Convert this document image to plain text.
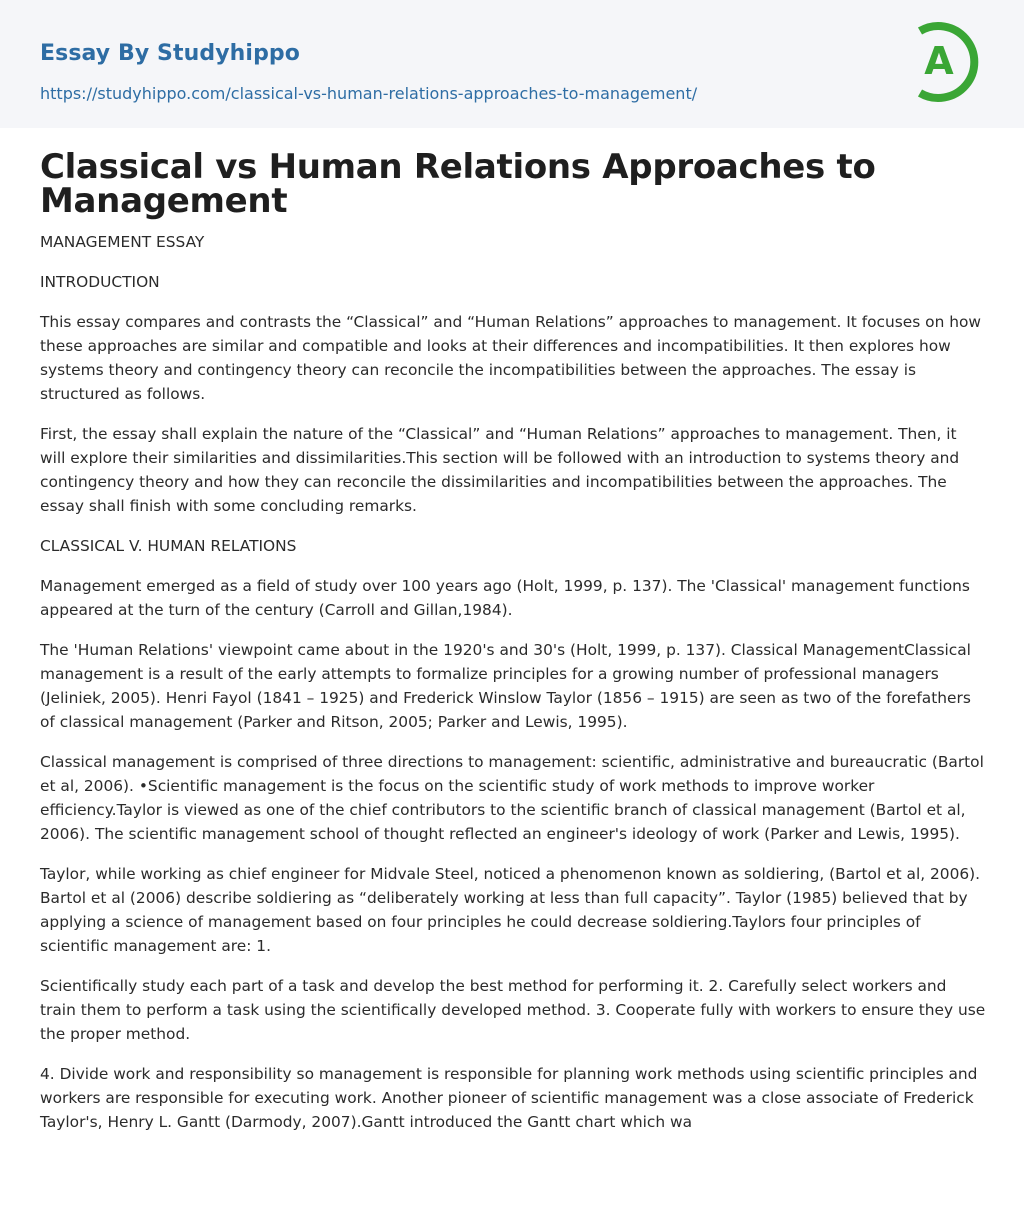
Essay By Studyhippo
https://studyhippo.com/classical-vs-human-relations-approaches-to-management/
A
Classical vs Human Relations Approaches to Management

MANAGEMENT ESSAY

INTRODUCTION

This essay compares and contrasts the “Classical” and “Human Relations” approaches to management. It focuses on how these approaches are similar and compatible and looks at their differences and incompatibilities. It then explores how systems theory and contingency theory can reconcile the incompatibilities between the approaches. The essay is structured as follows.

First, the essay shall explain the nature of the “Classical” and “Human Relations” approaches to management. Then, it will explore their similarities and dissimilarities.This section will be followed with an introduction to systems theory and contingency theory and how they can reconcile the dissimilarities and incompatibilities between the approaches. The essay shall finish with some concluding remarks.

CLASSICAL V. HUMAN RELATIONS

Management emerged as a field of study over 100 years ago (Holt, 1999, p. 137). The 'Classical' management functions appeared at the turn of the century (Carroll and Gillan,1984).

The 'Human Relations' viewpoint came about in the 1920's and 30's (Holt, 1999, p. 137). Classical ManagementClassical management is a result of the early attempts to formalize principles for a growing number of professional managers (Jeliniek, 2005). Henri Fayol (1841 – 1925) and Frederick Winslow Taylor (1856 – 1915) are seen as two of the forefathers of classical management (Parker and Ritson, 2005; Parker and Lewis, 1995).

Classical management is comprised of three directions to management: scientific, administrative and bureaucratic (Bartol et al, 2006). •Scientific management is the focus on the scientific study of work methods to improve worker efficiency.Taylor is viewed as one of the chief contributors to the scientific branch of classical management (Bartol et al, 2006). The scientific management school of thought reflected an engineer's ideology of work (Parker and Lewis, 1995).

Taylor, while working as chief engineer for Midvale Steel, noticed a phenomenon known as soldiering, (Bartol et al, 2006). Bartol et al (2006) describe soldiering as “deliberately working at less than full capacity”. Taylor (1985) believed that by applying a science of management based on four principles he could decrease soldiering.Taylors four principles of scientific management are: 1.

Scientifically study each part of a task and develop the best method for performing it. 2. Carefully select workers and train them to perform a task using the scientifically developed method. 3. Cooperate fully with workers to ensure they use the proper method.

4. Divide work and responsibility so management is responsible for planning work methods using scientific principles and workers are responsible for executing work. Another pioneer of scientific management was a close associate of Frederick Taylor's, Henry L. Gantt (Darmody, 2007).Gantt introduced the Gantt chart which wa
